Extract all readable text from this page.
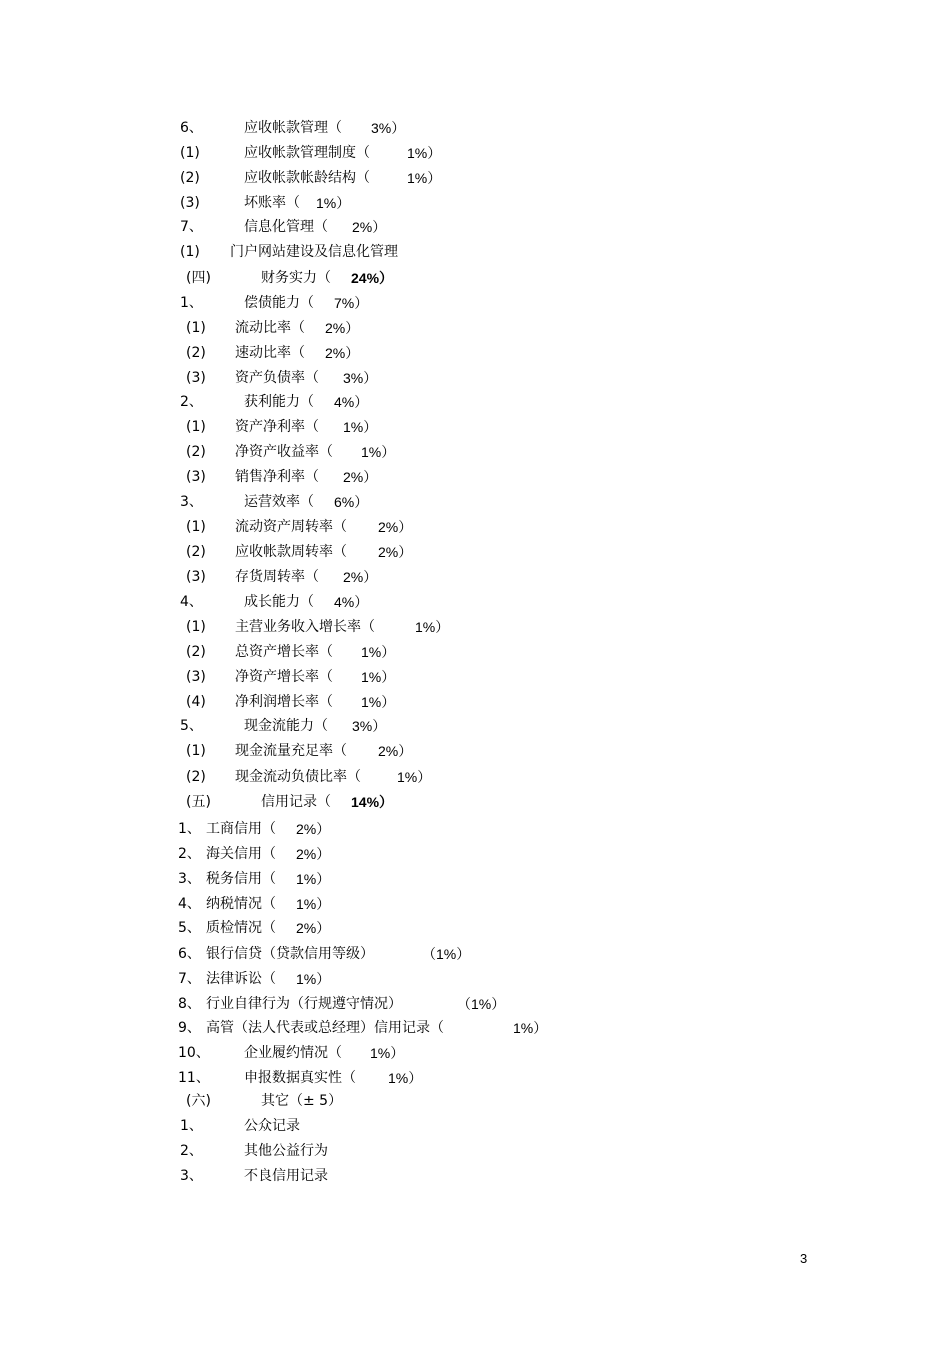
6、	应收帐款管理（ 3%）
(1)	应收帐款管理制度（	1%）
(2)	应收帐款帐龄结构（	1%）
(3)	坏账率（ 1%）
7、	信息化管理（ 2%）
(1) 门户网站建设及信息化管理
(四)	财务实力（ 24%）
1、	偿债能力（ 7%）
(1) 流动比率（ 2%）
(2) 速动比率（ 2%）
(3) 资产负债率（ 3%）
2、	获利能力（ 4%）
(1) 资产净利率（ 1%）
(2) 净资产收益率（ 1%）
(3) 销售净利率（ 2%）
3、	运营效率（ 6%）
(1) 流动资产周转率（ 2%）
(2) 应收帐款周转率（ 2%）
(3) 存货周转率（ 2%）
4、	成长能力（ 4%）
(1) 主营业务收入增长率（	1%）
(2) 总资产增长率（ 1%）
(3) 净资产增长率（ 1%）
(4) 净利润增长率（ 1%）
5、	现金流能力（ 3%）
(1) 现金流量充足率（ 2%）
(2) 现金流动负债比率（	1%）
(五)	信用记录（ 14%）
1、 工商信用（ 2%）
2、 海关信用（ 2%）
3、 税务信用（ 1%）
4、 纳税情况（ 1%）
5、 质检情况（ 2%）
6、 银行信贷（贷款信用等级）	（1%）
7、 法律诉讼（ 1%）
8、 行业自律行为（行规遵守情况）	（1%）
9、 高管（法人代表或总经理）信用记录（	1%）
10、 企业履约情况（ 1%）
11、 申报数据真实性（ 1%）
(六)	其它（± 5）
1、	公众记录
2、	其他公益行为
3、	不良信用记录
3
